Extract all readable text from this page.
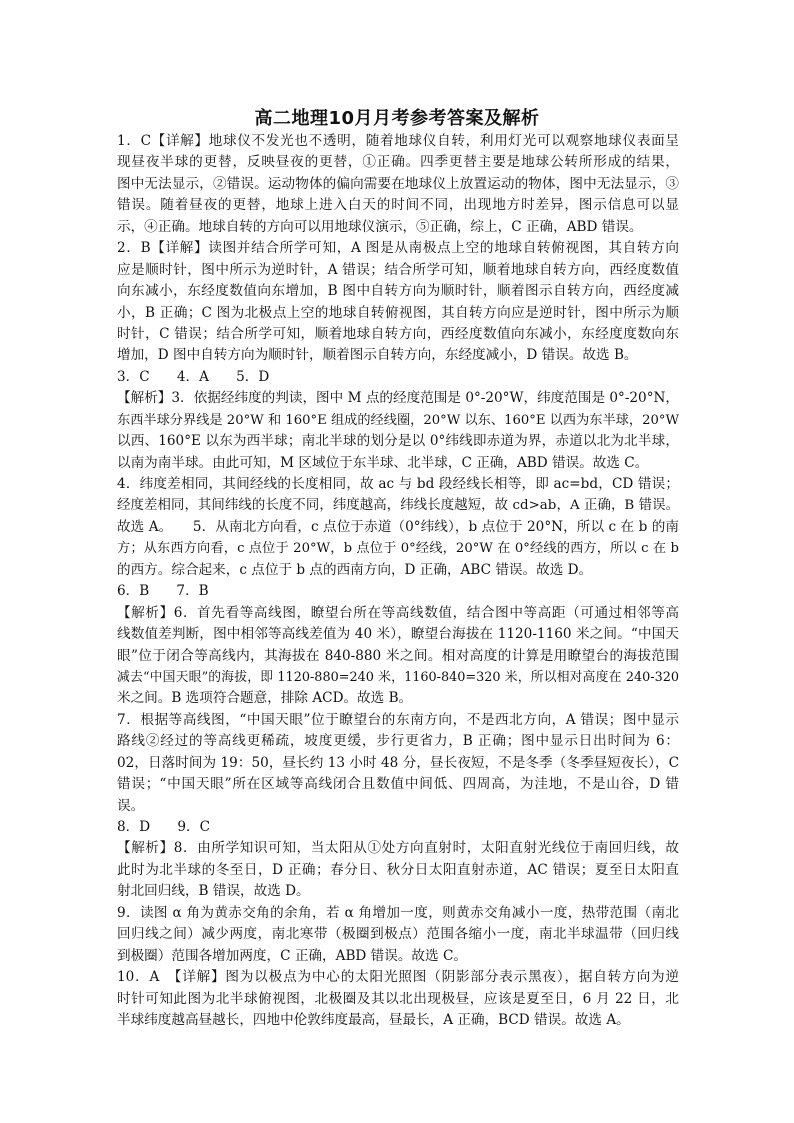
高二地理10月月考参考答案及解析
1．C【详解】地球仪不发光也不透明，随着地球仪自转，利用灯光可以观察地球仪表面呈
现昼夜半球的更替，反映昼夜的更替，①正确。四季更替主要是地球公转所形成的结果，
图中无法显示，②错误。运动物体的偏向需要在地球仪上放置运动的物体，图中无法显示，③
错误。随着昼夜的更替，地球上进入白天的时间不同，出现地方时差异，图示信息可以显
示，④正确。地球自转的方向可以用地球仪演示，⑤正确，综上，C 正确，ABD 错误。
2．B【详解】读图并结合所学可知，A 图是从南极点上空的地球自转俯视图，其自转方向
应是顺时针，图中所示为逆时针，A 错误；结合所学可知，顺着地球自转方向，西经度数值
向东减小，东经度数值向东增加，B 图中自转方向为顺时针，顺着图示自转方向，西经度减
小，B 正确；C 图为北极点上空的地球自转俯视图，其自转方向应是逆时针，图中所示为顺
时针，C 错误；结合所学可知，顺着地球自转方向，西经度数值向东减小，东经度度数向东
增加，D 图中自转方向为顺时针，顺着图示自转方向，东经度减小，D 错误。故选 B。
3．C　　4．A　　5．D
【解析】3．依据经纬度的判读，图中 M 点的经度范围是 0°-20°W，纬度范围是 0°-20°N，
东西半球分界线是 20°W 和 160°E 组成的经线圈，20°W 以东、160°E 以西为东半球，20°W
以西、160°E 以东为西半球；南北半球的划分是以 0°纬线即赤道为界，赤道以北为北半球，
以南为南半球。由此可知，M 区域位于东半球、北半球，C 正确，ABD 错误。故选 C。
4．纬度差相同，其间经线的长度相同，故 ac 与 bd 段经线长相等，即 ac=bd，CD 错误；
经度差相同，其间纬线的长度不同，纬度越高，纬线长度越短，故 cd>ab，A 正确，B 错误。
故选 A。　　5．从南北方向看，c 点位于赤道（0°纬线），b 点位于 20°N，所以 c 在 b 的南
方；从东西方向看，c 点位于 20°W，b 点位于 0°经线，20°W 在 0°经线的西方，所以 c 在 b
的西方。综合起来，c 点位于 b 点的西南方向，D 正确，ABC 错误。故选 D。
6．B　　7．B
【解析】6．首先看等高线图，瞭望台所在等高线数值，结合图中等高距（可通过相邻等高
线数值差判断，图中相邻等高线差值为 40 米），瞭望台海拔在 1120-1160 米之间。“中国天
眼”位于闭合等高线内，其海拔在 840-880 米之间。相对高度的计算是用瞭望台的海拔范围
减去“中国天眼”的海拔，即 1120-880=240 米，1160-840=320 米，所以相对高度在 240-320
米之间。B 选项符合题意，排除 ACD。故选 B。
7．根据等高线图，“中国天眼”位于瞭望台的东南方向，不是西北方向，A 错误；图中显示
路线②经过的等高线更稀疏，坡度更缓，步行更省力，B 正确；图中显示日出时间为 6：
02，日落时间为 19：50，昼长约 13 小时 48 分，昼长夜短，不是冬季（冬季昼短夜长），C
错误；“中国天眼”所在区域等高线闭合且数值中间低、四周高，为洼地，不是山谷，D 错
误。
8．D　　9．C
【解析】8．由所学知识可知，当太阳从①处方向直射时，太阳直射光线位于南回归线，故
此时为北半球的冬至日，D 正确；春分日、秋分日太阳直射赤道，AC 错误；夏至日太阳直
射北回归线，B 错误，故选 D。
9．读图 α 角为黄赤交角的余角，若 α 角增加一度，则黄赤交角减小一度，热带范围（南北
回归线之间）减少两度，南北寒带（极圈到极点）范围各缩小一度，南北半球温带（回归线
到极圈）范围各增加两度，C 正确，ABD 错误。故选 C。
10．A　【详解】图为以极点为中心的太阳光照图（阴影部分表示黑夜），据自转方向为逆
时针可知此图为北半球俯视图，北极圈及其以北出现极昼，应该是夏至日，6 月 22 日，北
半球纬度越高昼越长，四地中伦敦纬度最高，昼最长，A 正确，BCD 错误。故选 A。
